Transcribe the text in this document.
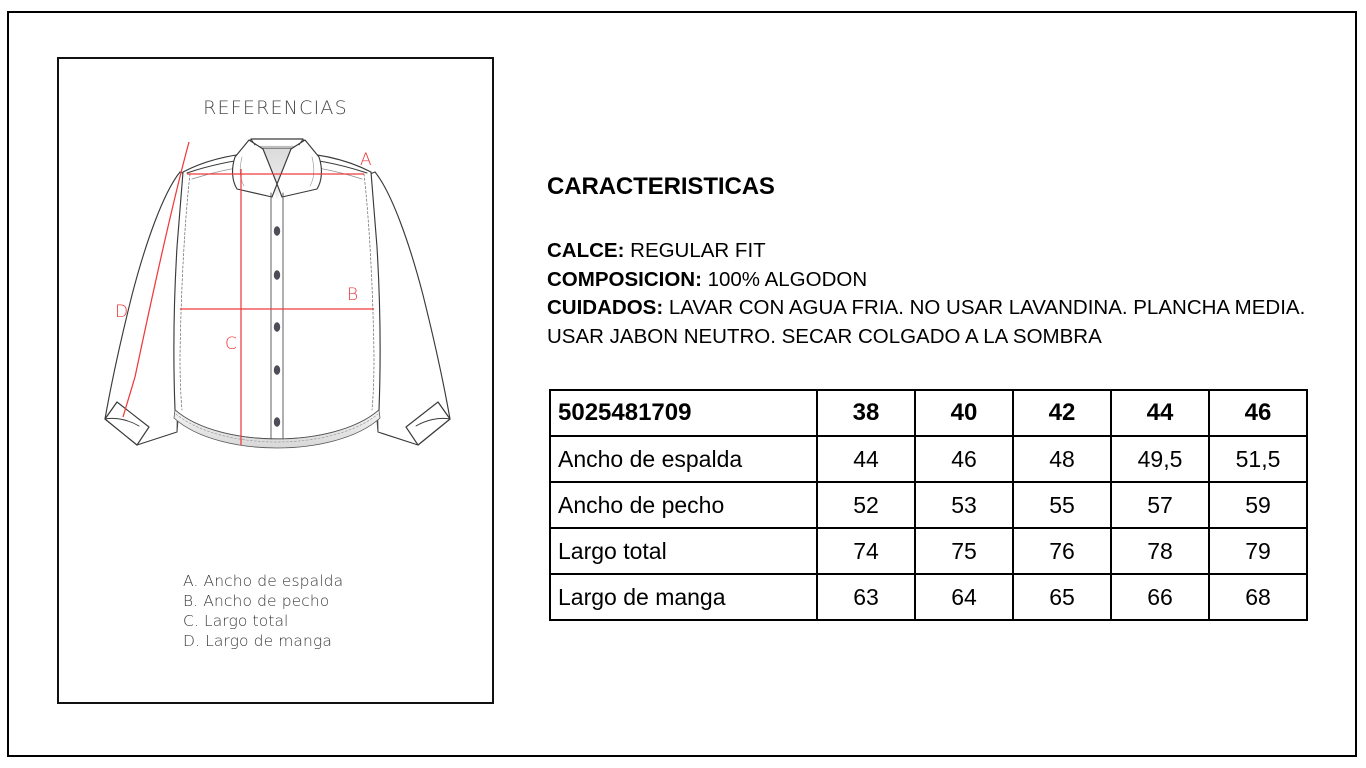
REFERENCIAS
A
B
C
D
A. Ancho de espalda
B. Ancho de pecho
C. Largo total
D. Largo de manga
CARACTERISTICAS
CALCE: REGULAR FIT
COMPOSICION: 100% ALGODON
CUIDADOS: LAVAR CON AGUA FRIA. NO USAR LAVANDINA. PLANCHA MEDIA. USAR JABON NEUTRO. SECAR COLGADO A LA SOMBRA
5025481709	38	40	42	44	46
Ancho de espalda	44	46	48	49,5	51,5
Ancho de pecho	52	53	55	57	59
Largo total	74	75	76	78	79
Largo de manga	63	64	65	66	68
